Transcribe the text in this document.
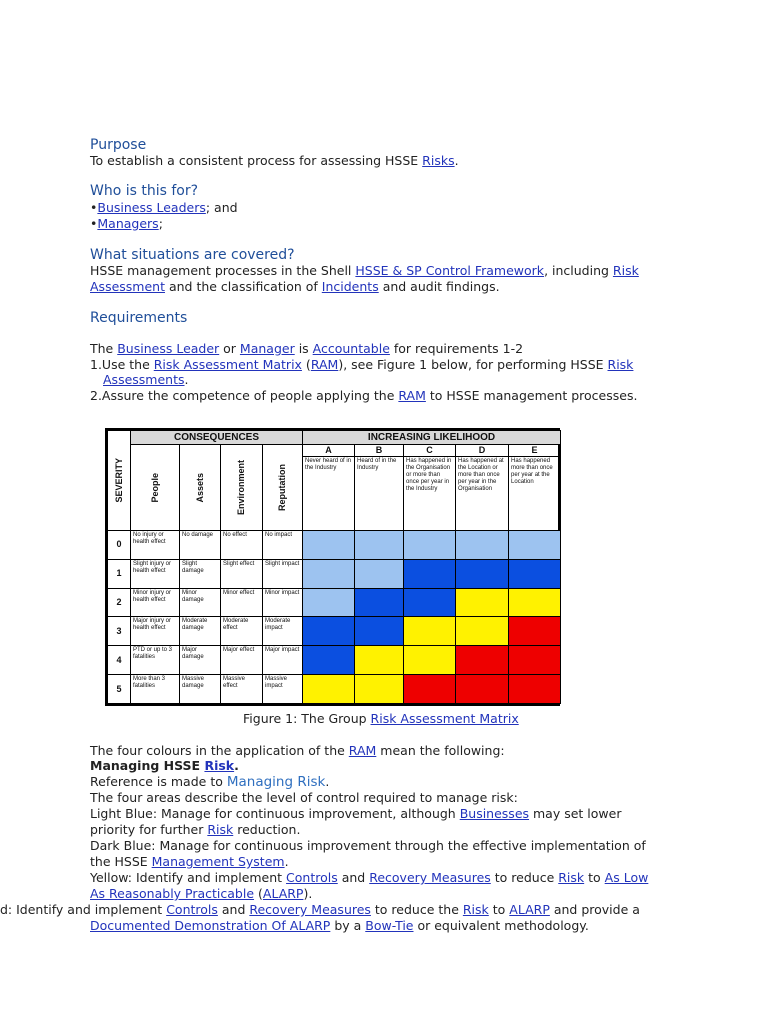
Purpose
To establish a consistent process for assessing HSSE Risks.
Who is this for?
•Business Leaders; and
•Managers;
What situations are covered?
HSSE management processes in the Shell HSSE & SP Control Framework, including Risk
Assessment and the classification of Incidents and audit findings.
Requirements
The Business Leader or Manager is Accountable for requirements 1-2
1.Use the Risk Assessment Matrix (RAM), see Figure 1 below, for performing HSSE Risk
Assessments.
2.Assure the competence of people applying the RAM to HSSE management processes.
SEVERITY	CONSEQUENCES				INCREASING LIKELIHOOD				

	People	Assets	Environment	Reputation	A	B	C	D	E
					Never heard of in the Industry	Heard of in the Industry	Has happened in the Organisation or more than once per year in the Industry	Has happened at the Location or more than once per year in the Organisation	Has happened more than once per year at the Location
0	No injury or health effect	No damage	No effect	No impact					
1	Slight injury or health effect	Slight damage	Slight effect	Slight impact					
2	Minor injury or health effect	Minor damage	Minor effect	Minor impact					
3	Major injury or health effect	Moderate damage	Moderate effect	Moderate impact					
4	PTD or up to 3 fatalities	Major damage	Major effect	Major impact					
5	More than 3 fatalities	Massive damage	Massive effect	Massive impact					
Figure 1: The Group Risk Assessment Matrix
The four colours in the application of the RAM mean the following:
Managing HSSE Risk.
Reference is made to Managing Risk.
The four areas describe the level of control required to manage risk:
Light Blue: Manage for continuous improvement, although Businesses may set lower
priority for further Risk reduction.
Dark Blue: Manage for continuous improvement through the effective implementation of
the HSSE Management System.
Yellow: Identify and implement Controls and Recovery Measures to reduce Risk to As Low
As Reasonably Practicable (ALARP).
d: Identify and implement Controls and Recovery Measures to reduce the Risk to ALARP and provide a
Documented Demonstration Of ALARP by a Bow-Tie or equivalent methodology.
